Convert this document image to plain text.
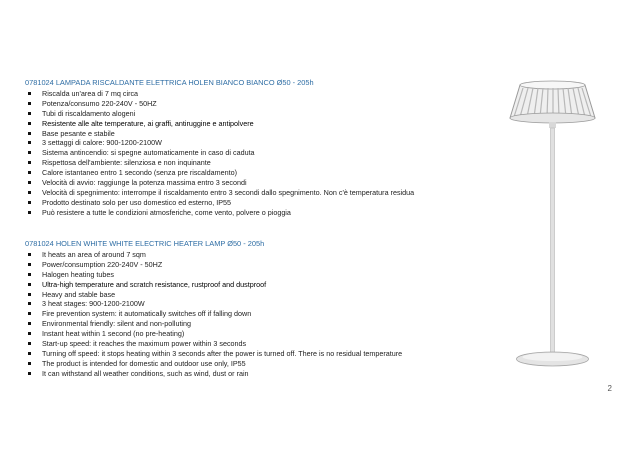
0781024 LAMPADA RISCALDANTE ELETTRICA HOLEN BIANCO BIANCO Ø50 - 205h
Riscalda un'area di 7 mq circa
Potenza/consumo 220-240V - 50HZ
Tubi di riscaldamento alogeni
Resistente alle alte temperature, ai graffi, antiruggine e antipolvere
Base pesante e stabile
3 settaggi di calore: 900-1200-2100W
Sistema antincendio: si spegne automaticamente in caso di caduta
Rispettosa dell'ambiente: silenziosa e non inquinante
Calore istantaneo entro 1 secondo (senza pre riscaldamento)
Velocità di avvio: raggiunge la potenza massima entro 3 secondi
Velocità di spegnimento: interrompe il riscaldamento entro 3 secondi dallo spegnimento. Non c'è temperatura residua
Prodotto destinato solo per uso domestico ed esterno, IP55
Può resistere a tutte le condizioni atmosferiche, come vento, polvere o pioggia
0781024 HOLEN WHITE WHITE ELECTRIC HEATER LAMP Ø50 - 205h
It heats an area of around 7 sqm
Power/consumption 220-240V - 50HZ
Halogen heating tubes
Ultra-high temperature and scratch resistance, rustproof and dustproof
Heavy and stable base
3 heat stages: 900-1200-2100W
Fire prevention system: it automatically switches off if falling down
Environmental friendly: silent and non-polluting
Instant heat within 1 second (no pre-heating)
Start-up speed: it reaches the maximum power within 3 seconds
Turning off speed: it stops heating within 3 seconds after the power is turned off. There is no residual temperature
The product is intended for domestic and outdoor use only, IP55
It can withstand all weather conditions, such as wind, dust or rain
2
